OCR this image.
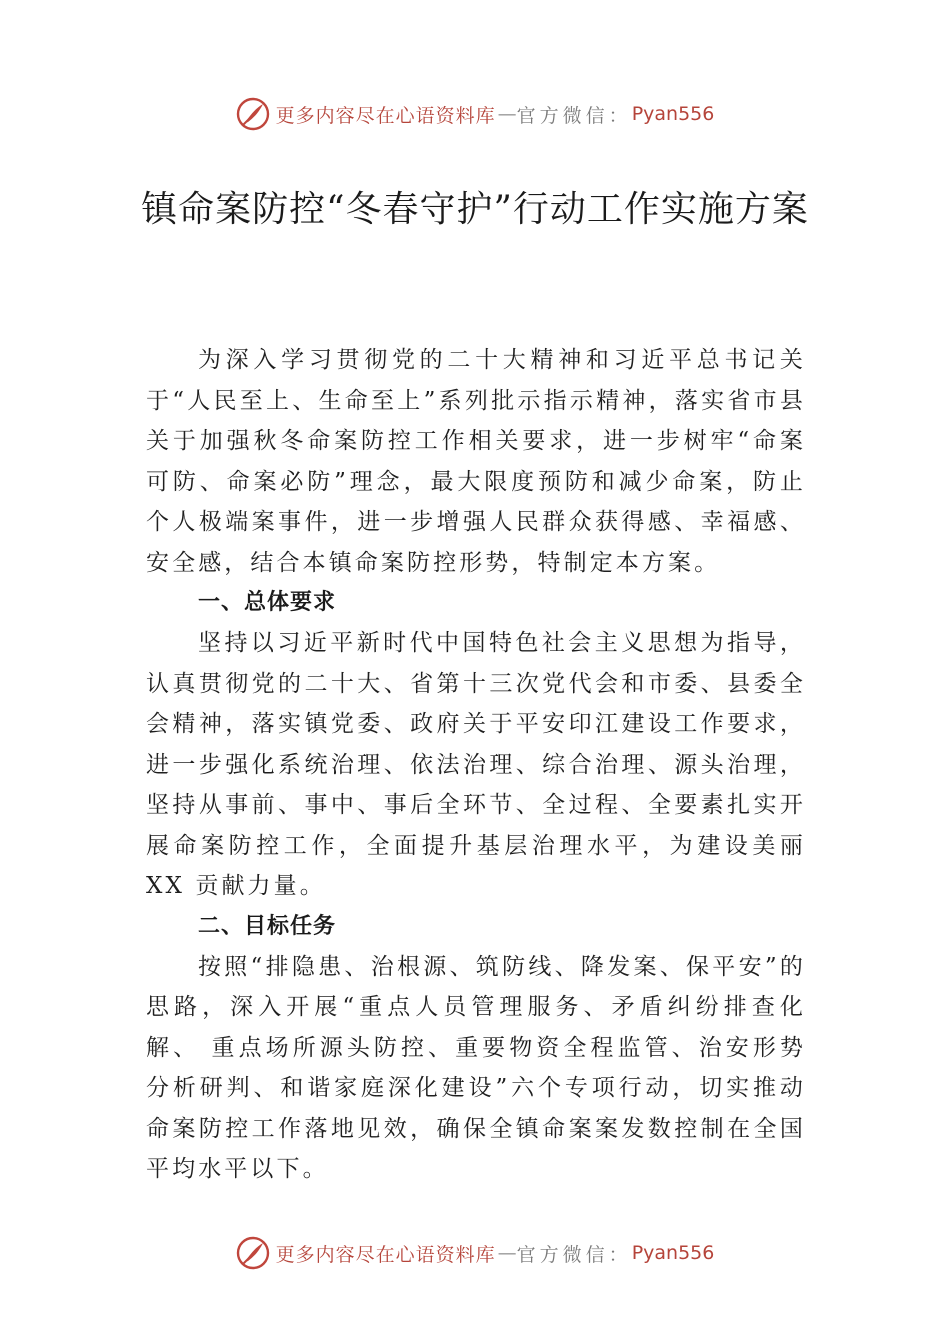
更多内容尽在心语资料库 — 官方微信： Pyan556
镇命案防控“冬春守护”行动工作实施方案

为深入学习贯彻党的二十大精神和习近平总书记关于“人民至上、生命至上”系列批示指示精神，落实省市县关于加强秋冬命案防控工作相关要求，进一步树牢“命案可防、命案必防”理念，最大限度预防和减少命案，防止个人极端案事件，进一步增强人民群众获得感、幸福感、安全感，结合本镇命案防控形势，特制定本方案。

一、总体要求

坚持以习近平新时代中国特色社会主义思想为指导，认真贯彻党的二十大、省第十三次党代会和市委、县委全会精神，落实镇党委、政府关于平安印江建设工作要求，进一步强化系统治理、依法治理、综合治理、源头治理，坚持从事前、事中、事后全环节、全过程、全要素扎实开展命案防控工作，全面提升基层治理水平，为建设美丽 XX 贡献力量。

二、目标任务

按照“排隐患、治根源、筑防线、降发案、保平安”的思路，深入开展“重点人员管理服务、矛盾纠纷排查化解、 重点场所源头防控、重要物资全程监管、治安形势分析研判、和谐家庭深化建设”六个专项行动，切实推动命案防控工作落地见效，确保全镇命案案发数控制在全国平均水平以下。

更多内容尽在心语资料库 — 官方微信： Pyan556
